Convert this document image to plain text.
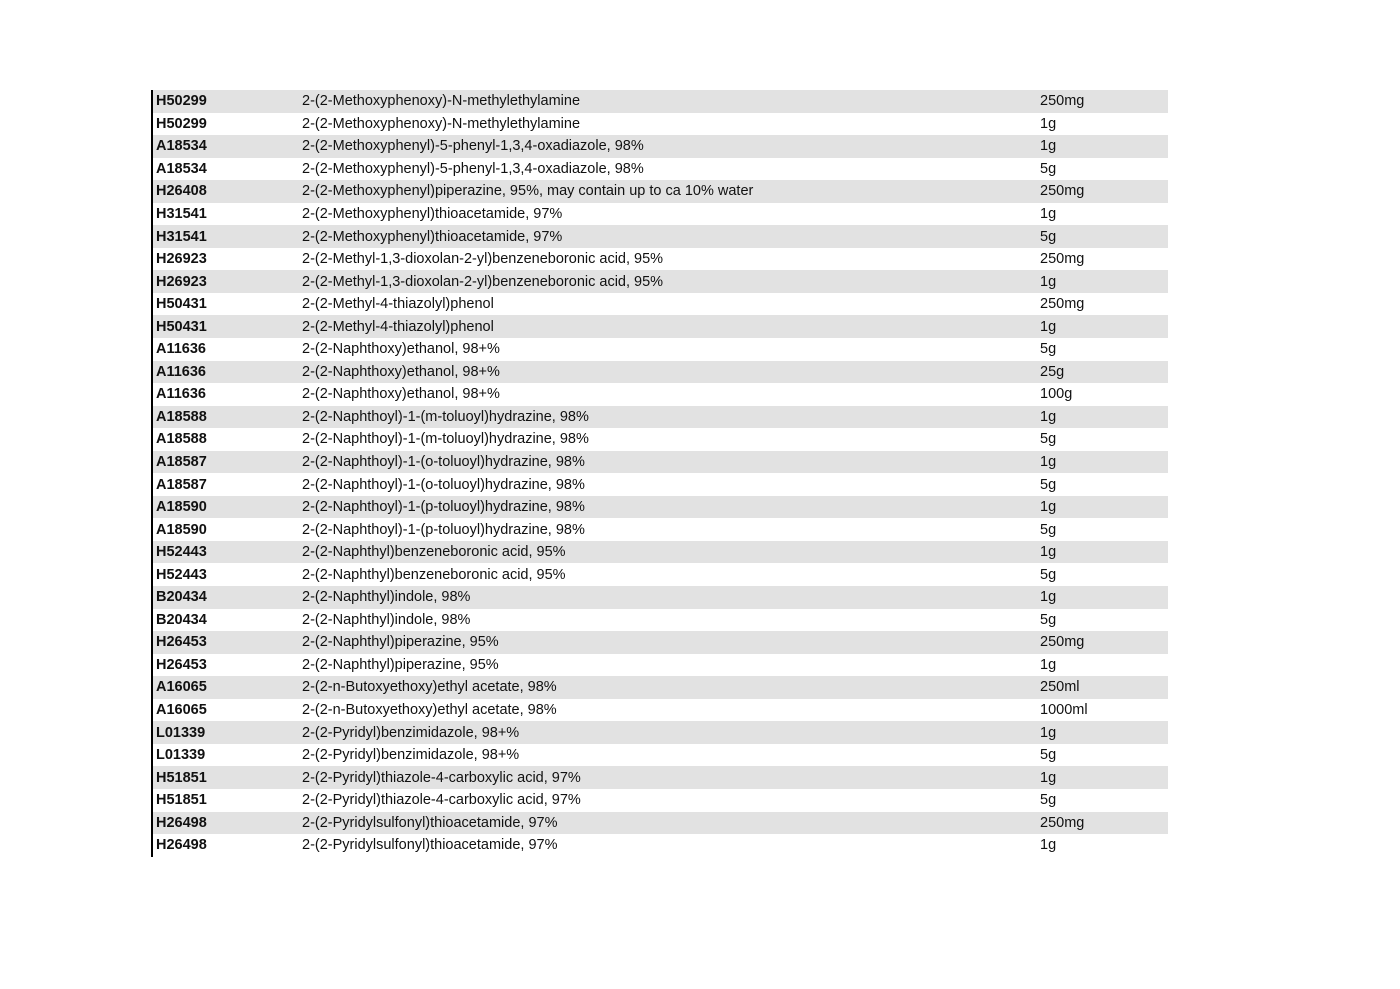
H50299	2-(2-Methoxyphenoxy)-N-methylethylamine	250mg
H50299	2-(2-Methoxyphenoxy)-N-methylethylamine	1g
A18534	2-(2-Methoxyphenyl)-5-phenyl-1,3,4-oxadiazole, 98%	1g
A18534	2-(2-Methoxyphenyl)-5-phenyl-1,3,4-oxadiazole, 98%	5g
H26408	2-(2-Methoxyphenyl)piperazine, 95%, may contain up to ca 10% water	250mg
H31541	2-(2-Methoxyphenyl)thioacetamide, 97%	1g
H31541	2-(2-Methoxyphenyl)thioacetamide, 97%	5g
H26923	2-(2-Methyl-1,3-dioxolan-2-yl)benzeneboronic acid, 95%	250mg
H26923	2-(2-Methyl-1,3-dioxolan-2-yl)benzeneboronic acid, 95%	1g
H50431	2-(2-Methyl-4-thiazolyl)phenol	250mg
H50431	2-(2-Methyl-4-thiazolyl)phenol	1g
A11636	2-(2-Naphthoxy)ethanol, 98+%	5g
A11636	2-(2-Naphthoxy)ethanol, 98+%	25g
A11636	2-(2-Naphthoxy)ethanol, 98+%	100g
A18588	2-(2-Naphthoyl)-1-(m-toluoyl)hydrazine, 98%	1g
A18588	2-(2-Naphthoyl)-1-(m-toluoyl)hydrazine, 98%	5g
A18587	2-(2-Naphthoyl)-1-(o-toluoyl)hydrazine, 98%	1g
A18587	2-(2-Naphthoyl)-1-(o-toluoyl)hydrazine, 98%	5g
A18590	2-(2-Naphthoyl)-1-(p-toluoyl)hydrazine, 98%	1g
A18590	2-(2-Naphthoyl)-1-(p-toluoyl)hydrazine, 98%	5g
H52443	2-(2-Naphthyl)benzeneboronic acid, 95%	1g
H52443	2-(2-Naphthyl)benzeneboronic acid, 95%	5g
B20434	2-(2-Naphthyl)indole, 98%	1g
B20434	2-(2-Naphthyl)indole, 98%	5g
H26453	2-(2-Naphthyl)piperazine, 95%	250mg
H26453	2-(2-Naphthyl)piperazine, 95%	1g
A16065	2-(2-n-Butoxyethoxy)ethyl acetate, 98%	250ml
A16065	2-(2-n-Butoxyethoxy)ethyl acetate, 98%	1000ml
L01339	2-(2-Pyridyl)benzimidazole, 98+%	1g
L01339	2-(2-Pyridyl)benzimidazole, 98+%	5g
H51851	2-(2-Pyridyl)thiazole-4-carboxylic acid, 97%	1g
H51851	2-(2-Pyridyl)thiazole-4-carboxylic acid, 97%	5g
H26498	2-(2-Pyridylsulfonyl)thioacetamide, 97%	250mg
H26498	2-(2-Pyridylsulfonyl)thioacetamide, 97%	1g
